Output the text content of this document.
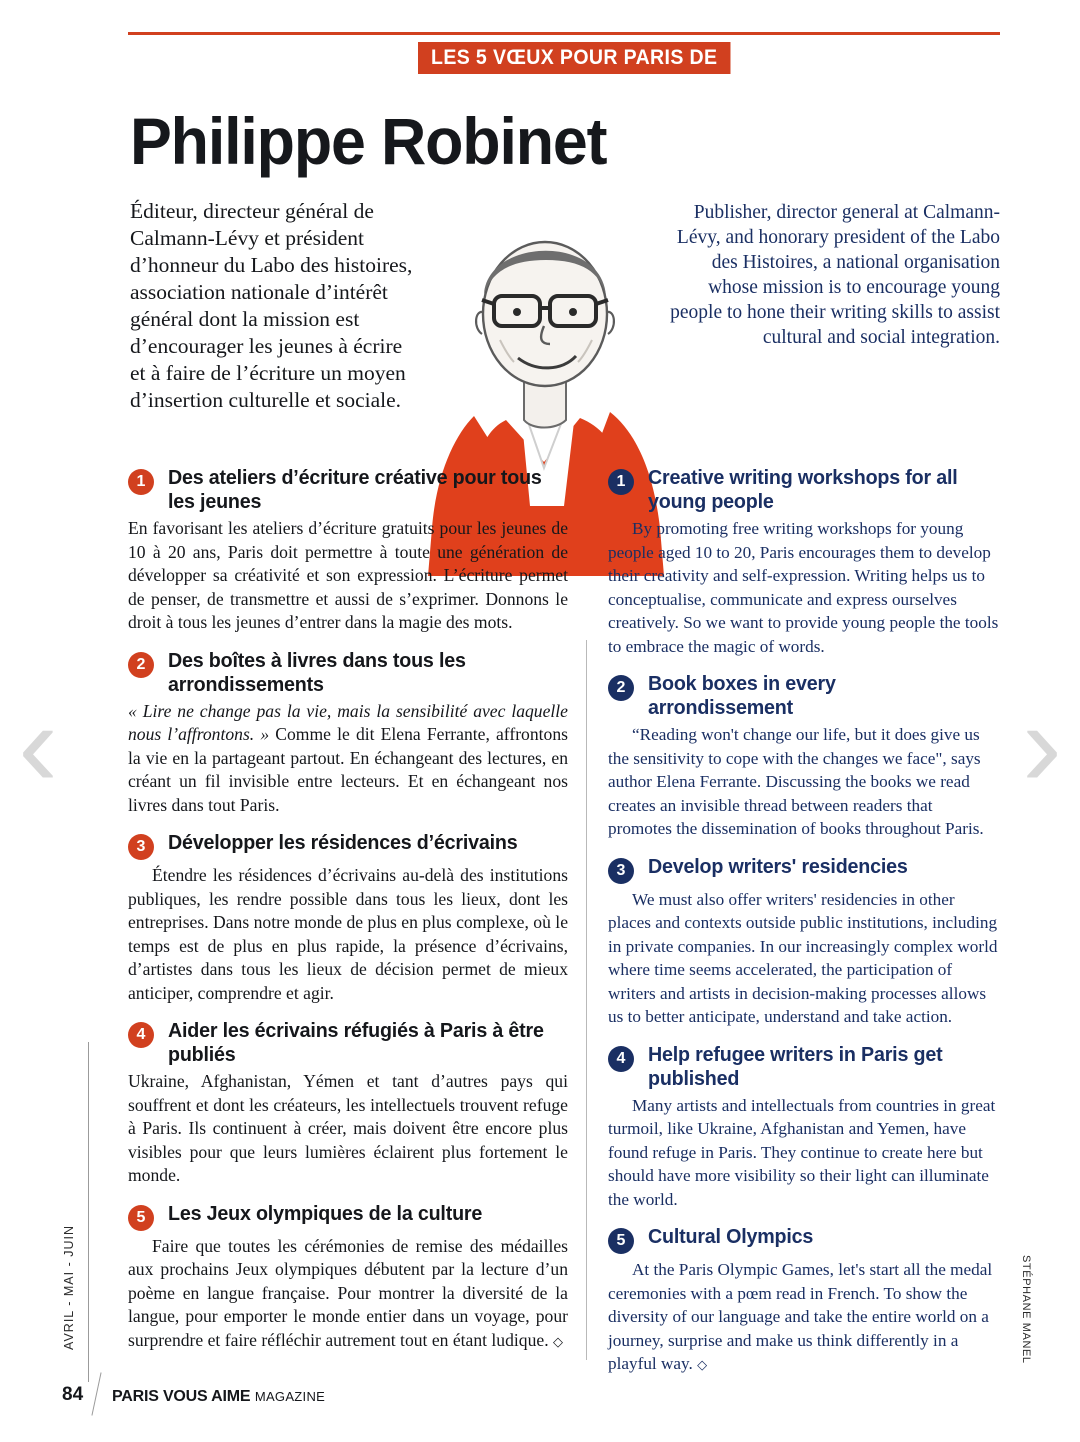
LES 5 VŒUX POUR PARIS DE
Philippe Robinet
Éditeur, directeur général de Calmann-Lévy et président d’honneur du Labo des histoires, association nationale d’intérêt général dont la mission est d’encourager les jeunes à écrire et à faire de l’écriture un moyen d’insertion culturelle et sociale.
Publisher, director general at Calmann-Lévy, and honorary president of the Labo des Histoires, a national organisation whose mission is to encourage young people to hone their writing skills to assist cultural and social integration.
‹	›
1	Des ateliers d’écriture créative pour tous les jeunes
En favorisant les ateliers d’écriture gratuits pour les jeunes de 10 à 20 ans, Paris doit permettre à toute une génération de développer sa créativité et son expression. L’écriture permet de penser, de transmettre et aussi de s’exprimer. Donnons le droit à tous les jeunes d’entrer dans la magie des mots.
2	Des boîtes à livres dans tous les arrondissements
« Lire ne change pas la vie, mais la sensibilité avec laquelle nous l’affrontons. » Comme le dit Elena Ferrante, affrontons la vie en la partageant partout. En échangeant des lectures, en créant un fil invisible entre lecteurs. Et en échangeant nos livres dans tout Paris.
3	Développer les résidences d’écrivains
Étendre les résidences d’écrivains au-delà des institutions publiques, les rendre possible dans tous les lieux, dont les entreprises. Dans notre monde de plus en plus complexe, où le temps est de plus en plus rapide, la présence d’écrivains, d’artistes dans tous les lieux de décision permet de mieux anticiper, comprendre et agir.
4	Aider les écrivains réfugiés à Paris à être publiés
Ukraine, Afghanistan, Yémen et tant d’autres pays qui souffrent et dont les créateurs, les intellectuels trouvent refuge à Paris. Ils continuent à créer, mais doivent être encore plus visibles pour que leurs lumières éclairent plus fortement le monde.
5	Les Jeux olympiques de la culture
Faire que toutes les cérémonies de remise des médailles aux prochains Jeux olympiques débutent par la lecture d’un poème en langue française. Pour montrer la diversité de la langue, pour emporter le monde entier dans un voyage, pour surprendre et faire réfléchir autrement tout en étant ludique. ◇
1	Creative writing workshops for all young people
By promoting free writing workshops for young people aged 10 to 20, Paris encourages them to develop their creativity and self-expression. Writing helps us to conceptualise, communicate and express ourselves creatively. So we want to provide young people the tools to embrace the magic of words.
2	Book boxes in every arrondissement
“Reading won't change our life, but it does give us the sensitivity to cope with the changes we face", says author Elena Ferrante. Discussing the books we read creates an invisible thread between readers that promotes the dissemination of books throughout Paris.
3	Develop writers' residencies
We must also offer writers' residencies in other places and contexts outside public institutions, including in private companies. In our increasingly complex world where time seems accelerated, the participation of writers and artists in decision-making processes allows us to better anticipate, understand and take action.
4	Help refugee writers in Paris get published
Many artists and intellectuals from countries in great turmoil, like Ukraine, Afghanistan and Yemen, have found refuge in Paris. They continue to create here but should have more visibility so their light can illuminate the world.
5	Cultural Olympics
At the Paris Olympic Games, let's start all the medal ceremonies with a pœm read in French. To show the diversity of our language and take the entire world on a journey, surprise and make us think differently in a playful way. ◇
AVRIL - MAI - JUIN	STÉPHANE MANEL
84 PARIS VOUS AIME MAGAZINE
